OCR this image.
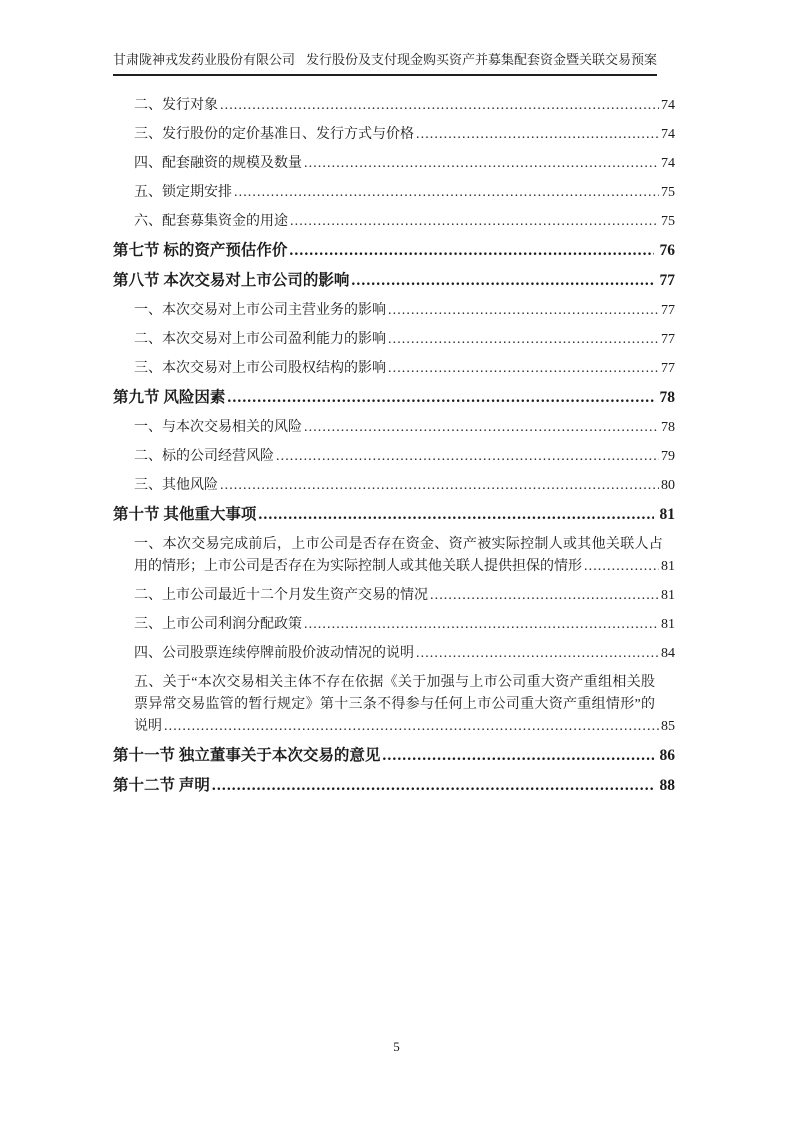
甘肃陇神戎发药业股份有限公司 发行股份及支付现金购买资产并募集配套资金暨关联交易预案
二、发行对象 .....	74
三、发行股份的定价基准日、发行方式与价格 .....	74
四、配套融资的规模及数量 .....	74
五、锁定期安排 .....	75
六、配套募集资金的用途 .....	75
第七节 标的资产预估作价 .....	76
第八节 本次交易对上市公司的影响 .....	77
一、本次交易对上市公司主营业务的影响 .....	77
二、本次交易对上市公司盈利能力的影响 .....	77
三、本次交易对上市公司股权结构的影响 .....	77
第九节 风险因素 .....	78
一、与本次交易相关的风险 .....	78
二、标的公司经营风险 .....	79
三、其他风险 .....	80
第十节 其他重大事项 .....	81
一、本次交易完成前后，上市公司是否存在资金、资产被实际控制人或其他关联人占
用的情形；上市公司是否存在为实际控制人或其他关联人提供担保的情形 .....	81
二、上市公司最近十二个月发生资产交易的情况 .....	81
三、上市公司利润分配政策 .....	81
四、公司股票连续停牌前股价波动情况的说明 .....	84
五、关于“本次交易相关主体不存在依据《关于加强与上市公司重大资产重组相关股
票异常交易监管的暂行规定》第十三条不得参与任何上市公司重大资产重组情形”的
说明 .....	85
第十一节 独立董事关于本次交易的意见 .....	86
第十二节 声明 .....	88
5
